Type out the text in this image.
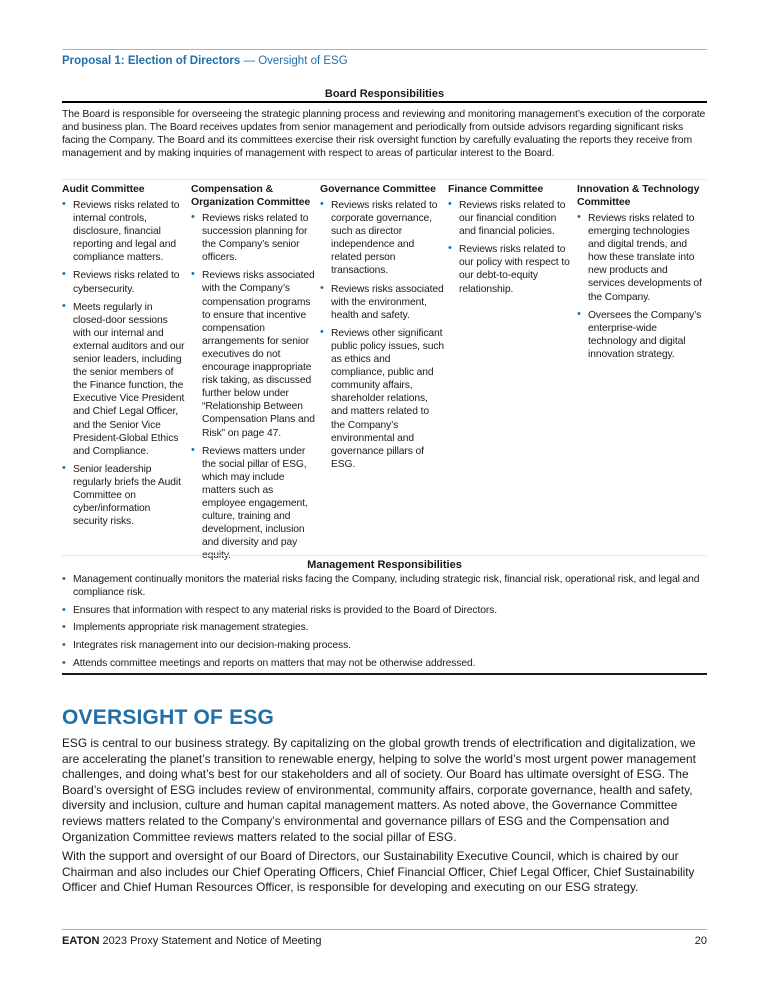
Proposal 1: Election of Directors — Oversight of ESG
Board Responsibilities

The Board is responsible for overseeing the strategic planning process and reviewing and monitoring management’s execution of the corporate and business plan. The Board receives updates from senior management and periodically from outside advisors regarding significant risks facing the Company. The Board and its committees exercise their risk oversight function by carefully evaluating the reports they receive from management and by making inquiries of management with respect to areas of particular interest to the Board.

Audit Committee
• Reviews risks related to internal controls, disclosure, financial reporting and legal and compliance matters.
• Reviews risks related to cybersecurity.
• Meets regularly in closed-door sessions with our internal and external auditors and our senior leaders, including the senior members of the Finance function, the Executive Vice President and Chief Legal Officer, and the Senior Vice President-Global Ethics and Compliance.
• Senior leadership regularly briefs the Audit Committee on cyber/information security risks.
Compensation & Organization Committee
• Reviews risks related to succession planning for the Company’s senior officers.
• Reviews risks associated with the Company’s compensation programs to ensure that incentive compensation arrangements for senior executives do not encourage inappropriate risk taking, as discussed further below under “Relationship Between Compensation Plans and Risk” on page 47.
• Reviews matters under the social pillar of ESG, which may include matters such as employee engagement, culture, training and development, inclusion and diversity and pay
Governance Committee
• Reviews risks related to corporate governance, such as director independence and related person transactions.
• Reviews risks associated with the environment, health and safety.
• Reviews other significant public policy issues, such as ethics and compliance, public and community affairs, shareholder relations, and matters related to the Company’s environmental and governance pillars of ESG.
Finance Committee
• Reviews risks related to our financial condition and financial policies.
• Reviews risks related to our policy with respect to our debt-to-equity relationship.
Innovation & Technology Committee
• Reviews risks related to emerging technologies and digital trends, and how these translate into new products and services developments of the Company.
• Oversees the Company’s enterprise-wide technology and digital innovation strategy.
Management Responsibilities
• Management continually monitors the material risks facing the Company, including strategic risk, financial risk, operational risk, and legal and compliance risk.
• Ensures that information with respect to any material risks is provided to the Board of Directors.
• Implements appropriate risk management strategies.
• Integrates risk management into our decision-making process.
• Attends committee meetings and reports on matters that may not be otherwise addressed.
OVERSIGHT OF ESG

ESG is central to our business strategy. By capitalizing on the global growth trends of electrification and digitalization, we are accelerating the planet’s transition to renewable energy, helping to solve the world’s most urgent power management challenges, and doing what’s best for our stakeholders and all of society. Our Board has ultimate oversight of ESG. The Board’s oversight of ESG includes review of environmental, community affairs, corporate governance, health and safety, diversity and inclusion, culture and human capital management matters. As noted above, the Governance Committee reviews matters related to the Company’s environmental and governance pillars of ESG and the Compensation and Organization Committee reviews matters related to the social pillar of ESG.

With the support and oversight of our Board of Directors, our Sustainability Executive Council, which is chaired by our Chairman and also includes our Chief Operating Officers, Chief Financial Officer, Chief Legal Officer, Chief Sustainability Officer and Chief Human Resources Officer, is responsible for developing and executing on our ESG strategy.

EATON 2023 Proxy Statement and Notice of Meeting	20
